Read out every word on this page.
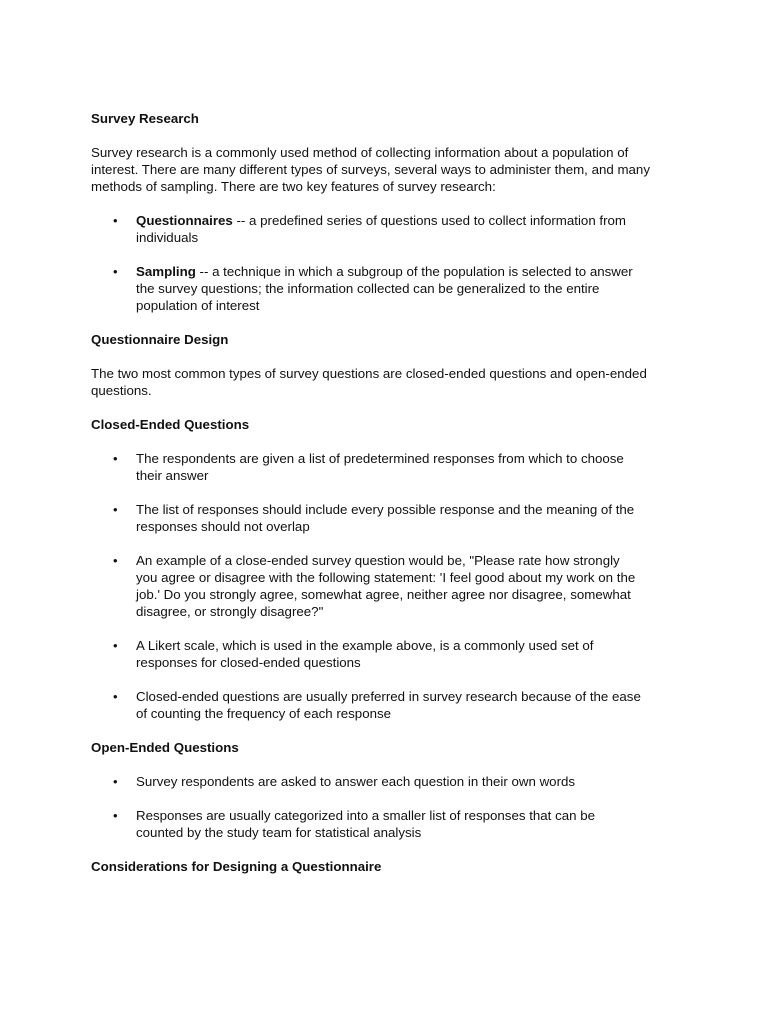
Survey Research

Survey research is a commonly used method of collecting information about a population of interest. There are many different types of surveys, several ways to administer them, and many methods of sampling. There are two key features of survey research:

• Questionnaires -- a predefined series of questions used to collect information from individuals
• Sampling -- a technique in which a subgroup of the population is selected to answer the survey questions; the information collected can be generalized to the entire population of interest
Questionnaire Design

The two most common types of survey questions are closed-ended questions and open-ended questions.

Closed-Ended Questions
• The respondents are given a list of predetermined responses from which to choose their answer
• The list of responses should include every possible response and the meaning of the responses should not overlap
• An example of a close-ended survey question would be, "Please rate how strongly you agree or disagree with the following statement: 'I feel good about my work on the job.' Do you strongly agree, somewhat agree, neither agree nor disagree, somewhat disagree, or strongly disagree?"
• A Likert scale, which is used in the example above, is a commonly used set of responses for closed-ended questions
• Closed-ended questions are usually preferred in survey research because of the ease of counting the frequency of each response
Open-Ended Questions
• Survey respondents are asked to answer each question in their own words
• Responses are usually categorized into a smaller list of responses that can be counted by the study team for statistical analysis
Considerations for Designing a Questionnaire
